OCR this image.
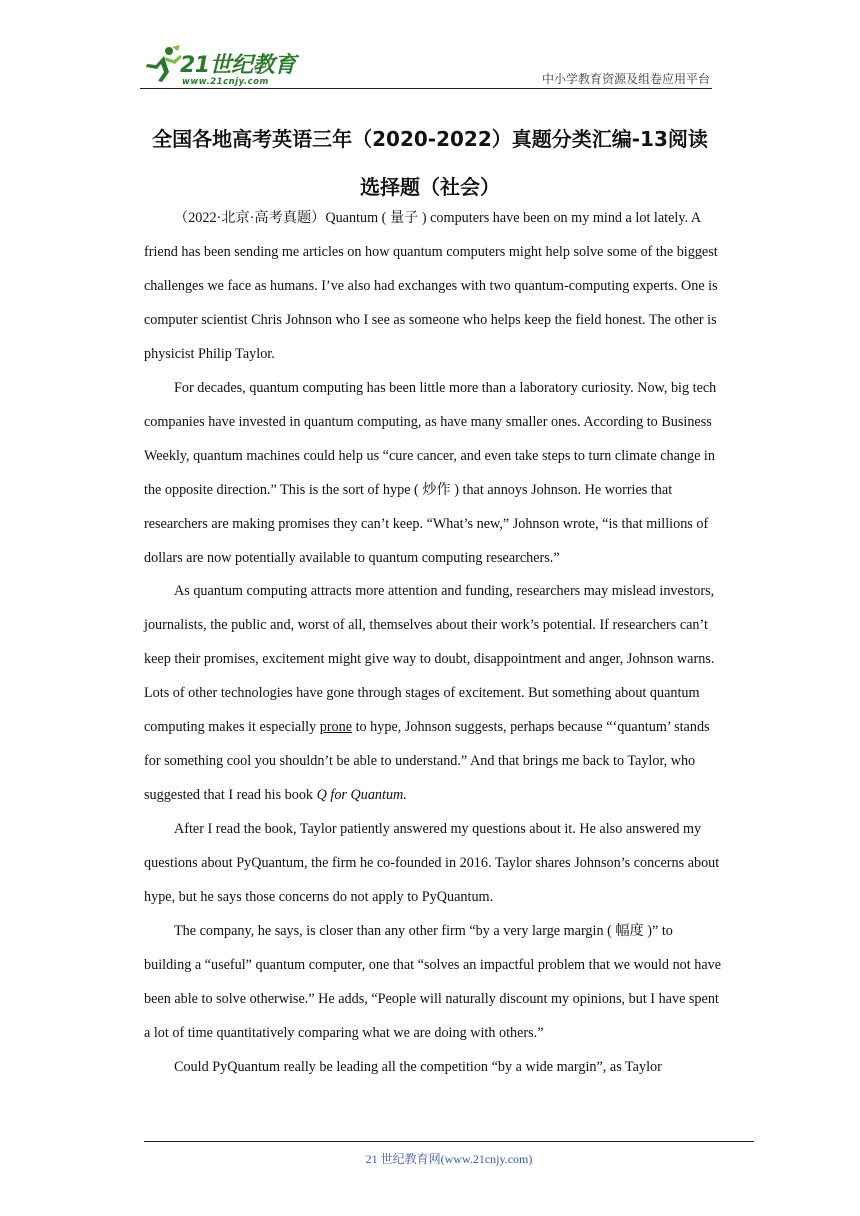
21世纪教育
www.21cnjy.com	中小学教育资源及组卷应用平台
全国各地高考英语三年（2020-2022）真题分类汇编-13阅读
选择题（社会）

（2022·北京·高考真题）Quantum ( 量子 ) computers have been on my mind a lot lately. A friend has been sending me articles on how quantum computers might help solve some of the biggest challenges we face as humans. I’ve also had exchanges with two quantum-computing experts. One is computer scientist Chris Johnson who I see as someone who helps keep the field honest. The other is physicist Philip Taylor.

For decades, quantum computing has been little more than a laboratory curiosity. Now, big tech companies have invested in quantum computing, as have many smaller ones. According to Business Weekly, quantum machines could help us “cure cancer, and even take steps to turn climate change in the opposite direction.” This is the sort of hype ( 炒作 ) that annoys Johnson. He worries that researchers are making promises they can’t keep. “What’s new,” Johnson wrote, “is that millions of dollars are now potentially available to quantum computing researchers.”

As quantum computing attracts more attention and funding, researchers may mislead investors, journalists, the public and, worst of all, themselves about their work’s potential. If researchers can’t keep their promises, excitement might give way to doubt, disappointment and anger, Johnson warns. Lots of other technologies have gone through stages of excitement. But something about quantum computing makes it especially prone to hype, Johnson suggests, perhaps because “‘quantum’ stands for something cool you shouldn’t be able to understand.” And that brings me back to Taylor, who suggested that I read his book Q for Quantum.

After I read the book, Taylor patiently answered my questions about it. He also answered my questions about PyQuantum, the firm he co-founded in 2016. Taylor shares Johnson’s concerns about hype, but he says those concerns do not apply to PyQuantum.

The company, he says, is closer than any other firm “by a very large margin ( 幅度 )” to building a “useful” quantum computer, one that “solves an impactful problem that we would not have been able to solve otherwise.” He adds, “People will naturally discount my opinions, but I have spent a lot of time quantitatively comparing what we are doing with others.”

Could PyQuantum really be leading all the competition “by a wide margin”, as Taylor

21 世纪教育网(www.21cnjy.com)
